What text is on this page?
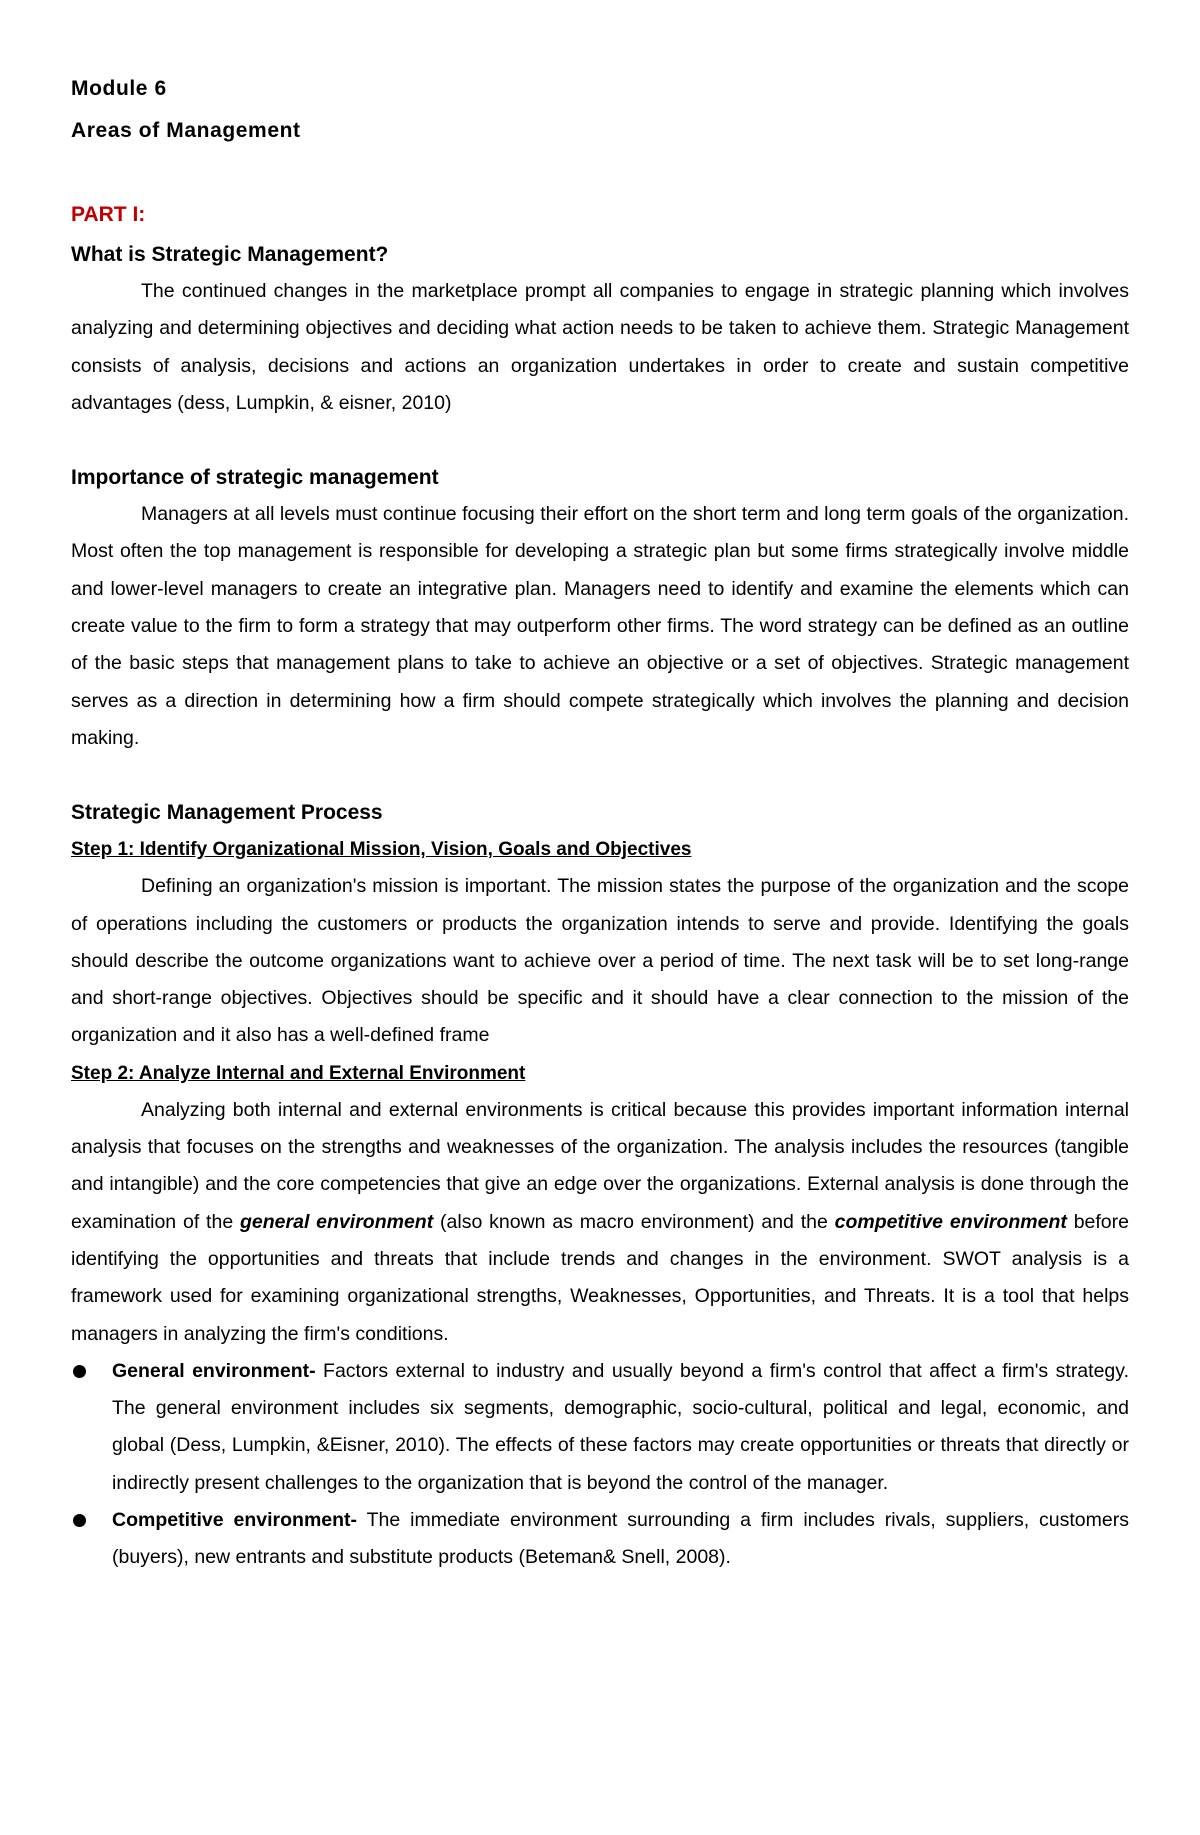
Module 6
Areas of Management
PART I:
What is Strategic Management?

The continued changes in the marketplace prompt all companies to engage in strategic planning which involves analyzing and determining objectives and deciding what action needs to be taken to achieve them. Strategic Management consists of analysis, decisions and actions an organization undertakes in order to create and sustain competitive advantages (dess, Lumpkin, & eisner, 2010)

Importance of strategic management

Managers at all levels must continue focusing their effort on the short term and long term goals of the organization. Most often the top management is responsible for developing a strategic plan but some firms strategically involve middle and lower-level managers to create an integrative plan. Managers need to identify and examine the elements which can create value to the firm to form a strategy that may outperform other firms. The word strategy can be defined as an outline of the basic steps that management plans to take to achieve an objective or a set of objectives. Strategic management serves as a direction in determining how a firm should compete strategically which involves the planning and decision making.

Strategic Management Process
Step 1: Identify Organizational Mission, Vision, Goals and Objectives

Defining an organization's mission is important. The mission states the purpose of the organization and the scope of operations including the customers or products the organization intends to serve and provide. Identifying the goals should describe the outcome organizations want to achieve over a period of time. The next task will be to set long-range and short-range objectives. Objectives should be specific and it should have a clear connection to the mission of the organization and it also has a well-defined frame

Step 2: Analyze Internal and External Environment

Analyzing both internal and external environments is critical because this provides important information internal analysis that focuses on the strengths and weaknesses of the organization. The analysis includes the resources (tangible and intangible) and the core competencies that give an edge over the organizations. External analysis is done through the examination of the general environment (also known as macro environment) and the competitive environment before identifying the opportunities and threats that include trends and changes in the environment. SWOT analysis is a framework used for examining organizational strengths, Weaknesses, Opportunities, and Threats. It is a tool that helps managers in analyzing the firm's conditions.

General environment- Factors external to industry and usually beyond a firm's control that affect a firm's strategy. The general environment includes six segments, demographic, socio-cultural, political and legal, economic, and global (Dess, Lumpkin, &Eisner, 2010). The effects of these factors may create opportunities or threats that directly or indirectly present challenges to the organization that is beyond the control of the manager.
Competitive environment- The immediate environment surrounding a firm includes rivals, suppliers, customers (buyers), new entrants and substitute products (Beteman& Snell, 2008).
